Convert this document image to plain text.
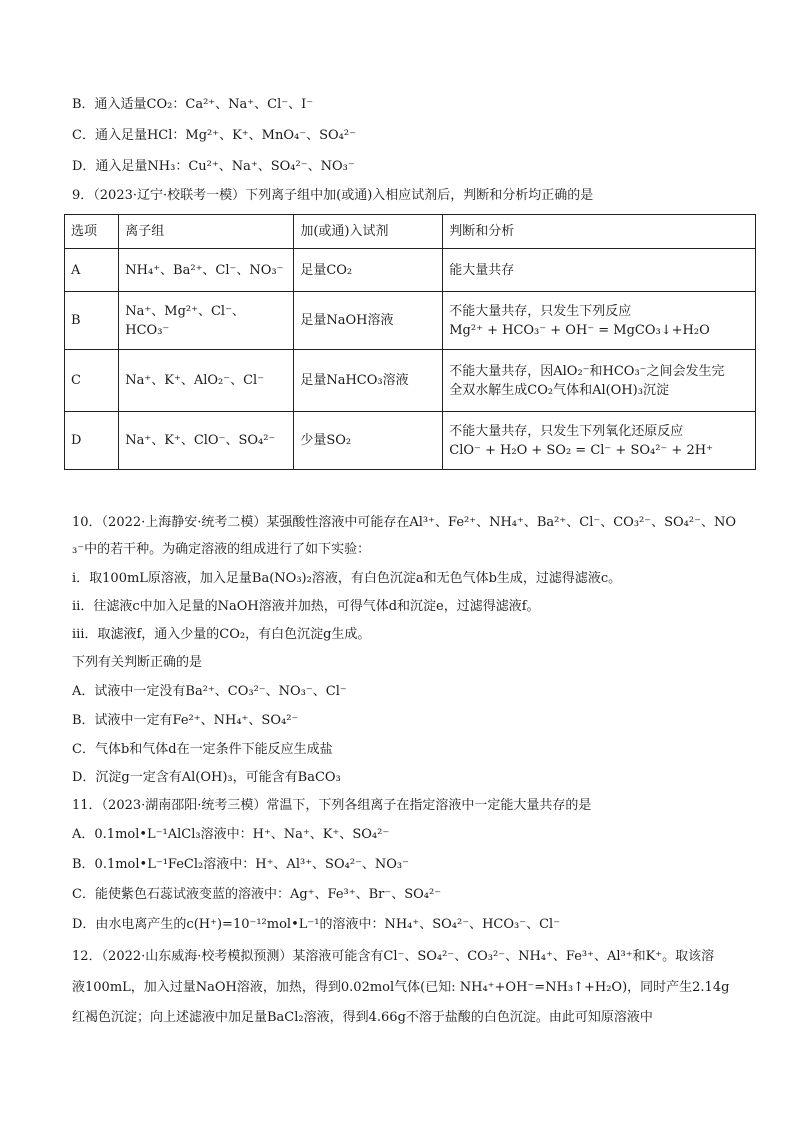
B．通入适量CO₂：Ca²⁺、Na⁺、Cl⁻、I⁻
C．通入足量HCl：Mg²⁺、K⁺、MnO₄⁻、SO₄²⁻
D．通入足量NH₃：Cu²⁺、Na⁺、SO₄²⁻、NO₃⁻
9．（2023·辽宁·校联考一模）下列离子组中加(或通)入相应试剂后，判断和分析均正确的是
选项	离子组	加(或通)入试剂	判断和分析
A	NH₄⁺、Ba²⁺、Cl⁻、NO₃⁻	足量CO₂	能大量共存

B	Na⁺、Mg²⁺、Cl⁻、HCO₃⁻	足量NaOH溶液	不能大量共存，只发生下列反应
Mg²⁺ + HCO₃⁻ + OH⁻ = MgCO₃↓+H₂O

C	Na⁺、K⁺、AlO₂⁻、Cl⁻	足量NaHCO₃溶液	不能大量共存，因AlO₂⁻和HCO₃⁻之间会发生完
全双水解生成CO₂气体和Al(OH)₃沉淀

D	Na⁺、K⁺、ClO⁻、SO₄²⁻	少量SO₂	不能大量共存，只发生下列氧化还原反应
ClO⁻ + H₂O + SO₂ = Cl⁻ + SO₄²⁻ + 2H⁺
10．（2022·上海静安·统考二模）某强酸性溶液中可能存在Al³⁺、Fe²⁺、NH₄⁺、Ba²⁺、Cl⁻、CO₃²⁻、SO₄²⁻、NO
₃⁻中的若干种。为确定溶液的组成进行了如下实验：
ⅰ．取100mL原溶液，加入足量Ba(NO₃)₂溶液，有白色沉淀a和无色气体b生成，过滤得滤液c。
ⅱ．往滤液c中加入足量的NaOH溶液并加热，可得气体d和沉淀e，过滤得滤液f。
ⅲ．取滤液f，通入少量的CO₂，有白色沉淀g生成。
下列有关判断正确的是
A．试液中一定没有Ba²⁺、CO₃²⁻、NO₃⁻、Cl⁻
B．试液中一定有Fe²⁺、NH₄⁺、SO₄²⁻
C．气体b和气体d在一定条件下能反应生成盐
D．沉淀g一定含有Al(OH)₃，可能含有BaCO₃
11．（2023·湖南邵阳·统考三模）常温下，下列各组离子在指定溶液中一定能大量共存的是
A．0.1mol•L⁻¹AlCl₃溶液中：H⁺、Na⁺、K⁺、SO₄²⁻
B．0.1mol•L⁻¹FeCl₂溶液中：H⁺、Al³⁺、SO₄²⁻、NO₃⁻
C．能使紫色石蕊试液变蓝的溶液中：Ag⁺、Fe³⁺、Br⁻、SO₄²⁻
D．由水电离产生的c(H⁺)=10⁻¹²mol•L⁻¹的溶液中：NH₄⁺、SO₄²⁻、HCO₃⁻、Cl⁻
12．（2022·山东威海·校考模拟预测）某溶液可能含有Cl⁻、SO₄²⁻、CO₃²⁻、NH₄⁺、Fe³⁺、Al³⁺和K⁺。取该溶
液100mL，加入过量NaOH溶液，加热，得到0.02mol气体(已知: NH₄⁺+OH⁻=NH₃↑+H₂O)，同时产生2.14g
红褐色沉淀；向上述滤液中加足量BaCl₂溶液，得到4.66g不溶于盐酸的白色沉淀。由此可知原溶液中
